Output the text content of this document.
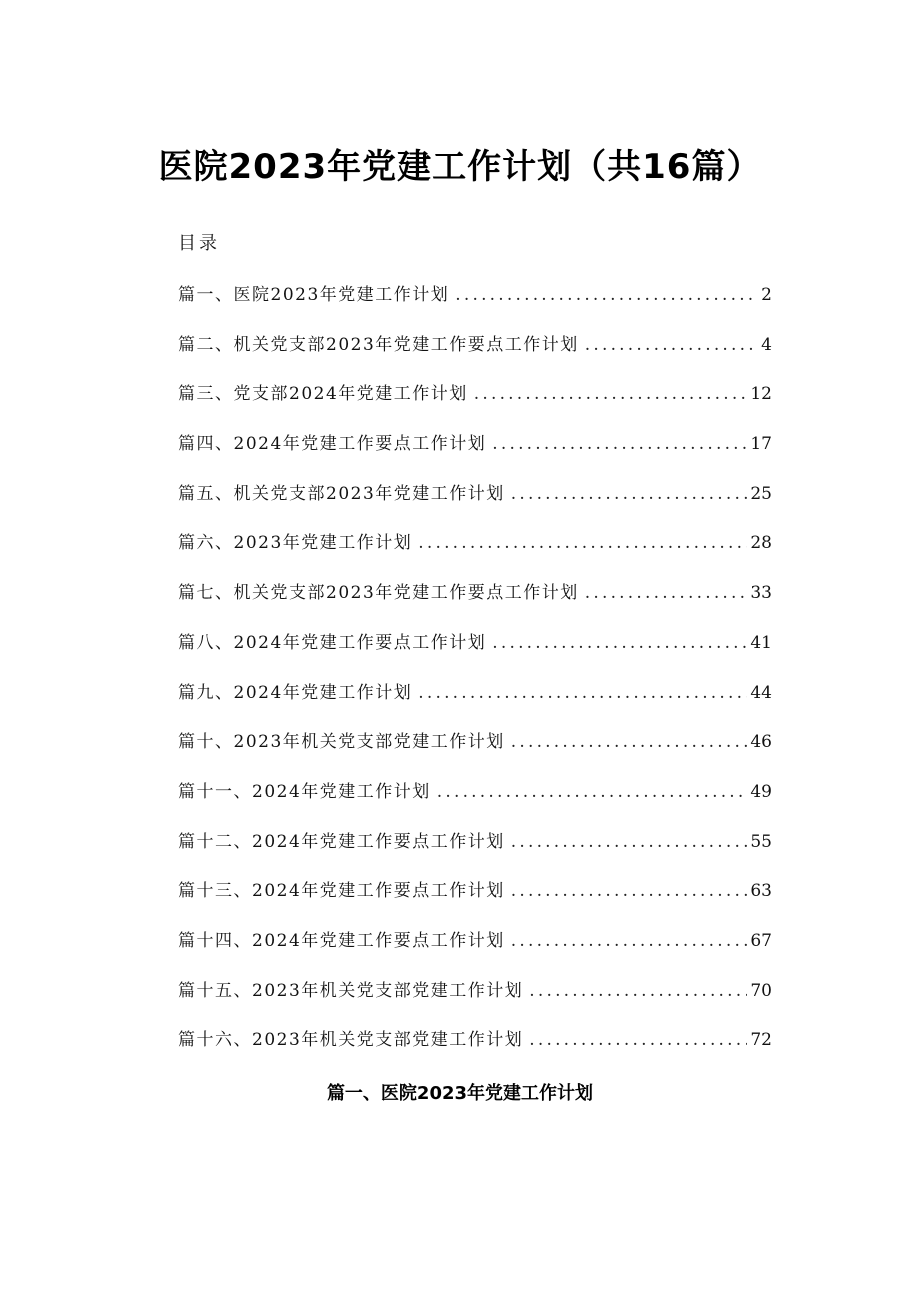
医院2023年党建工作计划（共16篇）
目录
篇一、医院2023年党建工作计划 .....	2
篇二、机关党支部2023年党建工作要点工作计划 .....	4
篇三、党支部2024年党建工作计划 .....	12
篇四、2024年党建工作要点工作计划 .....	17
篇五、机关党支部2023年党建工作计划 .....	25
篇六、2023年党建工作计划 .....	28
篇七、机关党支部2023年党建工作要点工作计划 .....	33
篇八、2024年党建工作要点工作计划 .....	41
篇九、2024年党建工作计划 .....	44
篇十、2023年机关党支部党建工作计划 .....	46
篇十一、2024年党建工作计划 .....	49
篇十二、2024年党建工作要点工作计划 .....	55
篇十三、2024年党建工作要点工作计划 .....	63
篇十四、2024年党建工作要点工作计划 .....	67
篇十五、2023年机关党支部党建工作计划 .....	70
篇十六、2023年机关党支部党建工作计划 .....	72
篇一、医院2023年党建工作计划
